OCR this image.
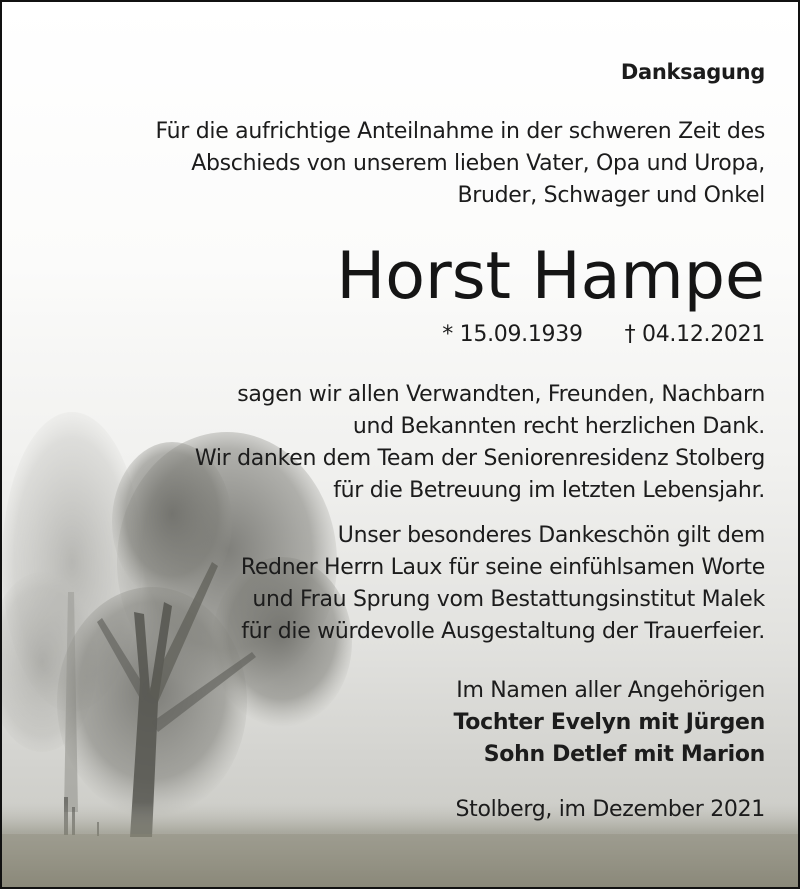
Danksagung
Für die aufrichtige Anteilnahme in der schweren Zeit des
Abschieds von unserem lieben Vater, Opa und Uropa,
Bruder, Schwager und Onkel
Horst Hampe
* 15.09.1939 † 04.12.2021
sagen wir allen Verwandten, Freunden, Nachbarn
und Bekannten recht herzlichen Dank.
Wir danken dem Team der Seniorenresidenz Stolberg
für die Betreuung im letzten Lebensjahr.
Unser besonderes Dankeschön gilt dem
Redner Herrn Laux für seine einfühlsamen Worte
und Frau Sprung vom Bestattungsinstitut Malek
für die würdevolle Ausgestaltung der Trauerfeier.
Im Namen aller Angehörigen
Tochter Evelyn mit Jürgen
Sohn Detlef mit Marion
Stolberg, im Dezember 2021
